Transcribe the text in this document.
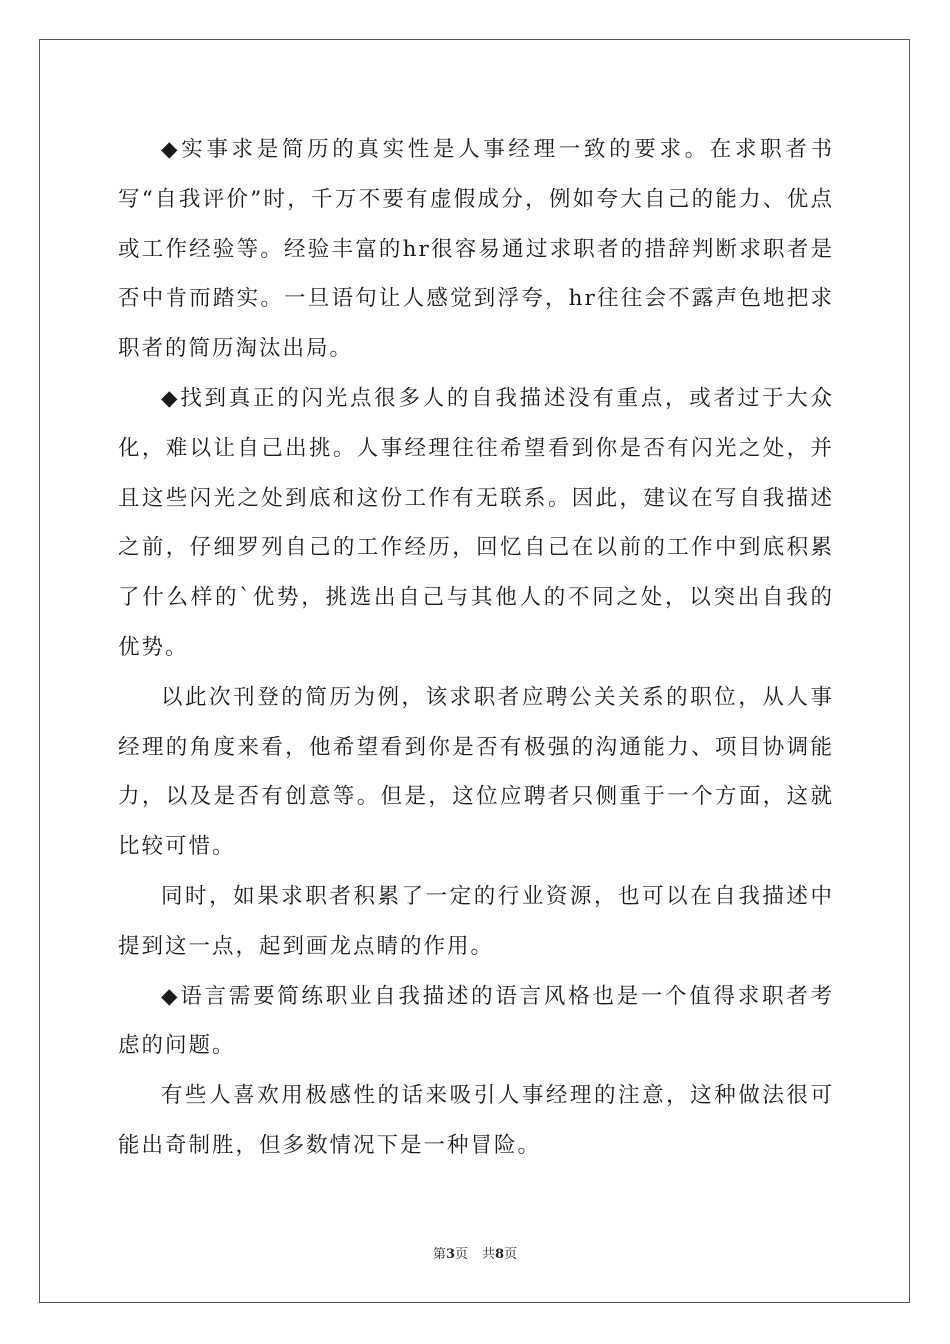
◆实事求是简历的真实性是人事经理一致的要求。在求职者书写“自我评价”时，千万不要有虚假成分，例如夸大自己的能力、优点或工作经验等。经验丰富的hr很容易通过求职者的措辞判断求职者是否中肯而踏实。一旦语句让人感觉到浮夸，hr往往会不露声色地把求职者的简历淘汰出局。

◆找到真正的闪光点很多人的自我描述没有重点，或者过于大众化，难以让自己出挑。人事经理往往希望看到你是否有闪光之处，并且这些闪光之处到底和这份工作有无联系。因此，建议在写自我描述之前，仔细罗列自己的工作经历，回忆自己在以前的工作中到底积累了什么样的`优势，挑选出自己与其他人的不同之处，以突出自我的优势。

以此次刊登的简历为例，该求职者应聘公关关系的职位，从人事经理的角度来看，他希望看到你是否有极强的沟通能力、项目协调能力，以及是否有创意等。但是，这位应聘者只侧重于一个方面，这就比较可惜。

同时，如果求职者积累了一定的行业资源，也可以在自我描述中提到这一点，起到画龙点睛的作用。

◆语言需要简练职业自我描述的语言风格也是一个值得求职者考虑的问题。

有些人喜欢用极感性的话来吸引人事经理的注意，这种做法很可能出奇制胜，但多数情况下是一种冒险。

第3页 共8页
